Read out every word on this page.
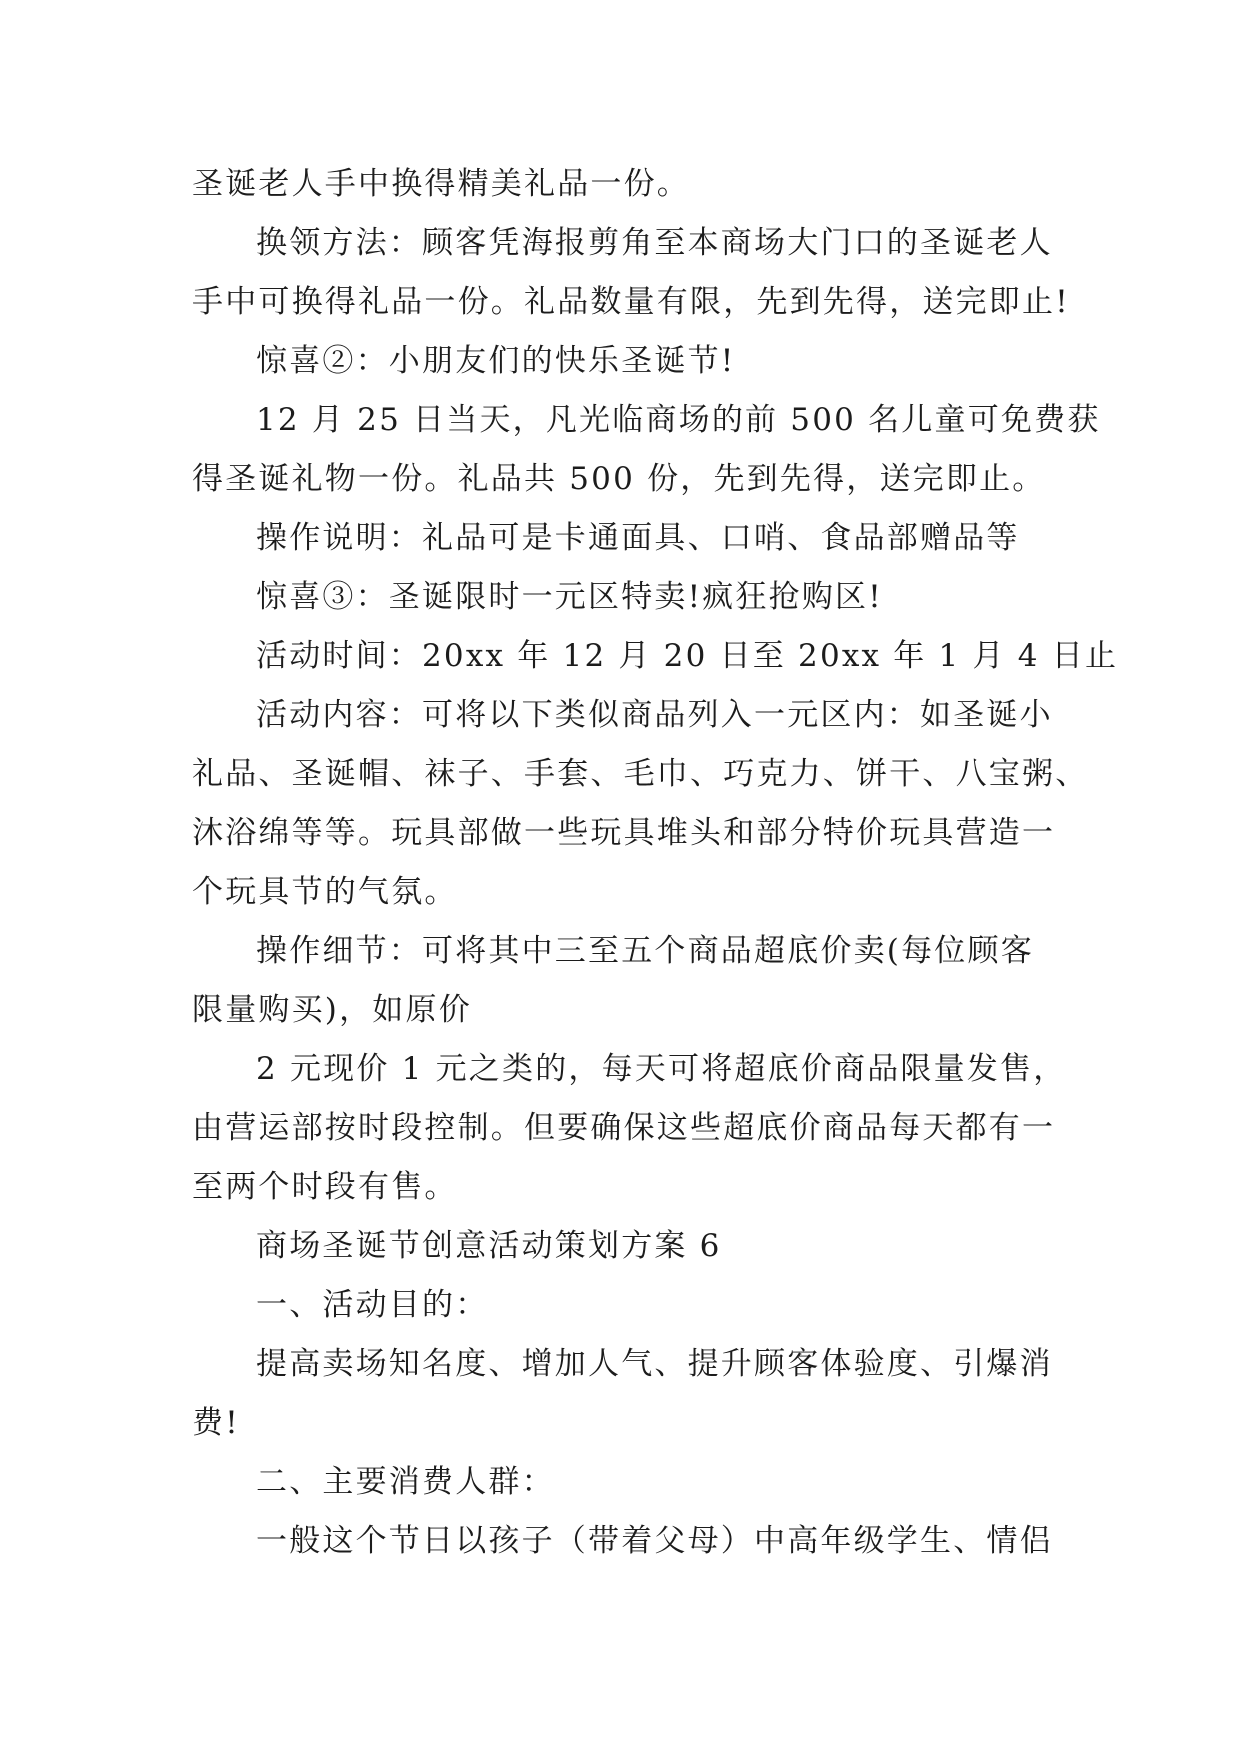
圣诞老人手中换得精美礼品一份。
换领方法：顾客凭海报剪角至本商场大门口的圣诞老人
手中可换得礼品一份。礼品数量有限，先到先得，送完即止!
惊喜②：小朋友们的快乐圣诞节!
12 月 25 日当天，凡光临商场的前 500 名儿童可免费获
得圣诞礼物一份。礼品共 500 份，先到先得，送完即止。
操作说明：礼品可是卡通面具、口哨、食品部赠品等
惊喜③：圣诞限时一元区特卖!疯狂抢购区!
活动时间：20xx 年 12 月 20 日至 20xx 年 1 月 4 日止
活动内容：可将以下类似商品列入一元区内：如圣诞小
礼品、圣诞帽、袜子、手套、毛巾、巧克力、饼干、八宝粥、
沐浴绵等等。玩具部做一些玩具堆头和部分特价玩具营造一
个玩具节的气氛。
操作细节：可将其中三至五个商品超底价卖(每位顾客
限量购买)，如原价
2 元现价 1 元之类的，每天可将超底价商品限量发售，
由营运部按时段控制。但要确保这些超底价商品每天都有一
至两个时段有售。
商场圣诞节创意活动策划方案 6
一、活动目的：
提高卖场知名度、增加人气、提升顾客体验度、引爆消
费!
二、主要消费人群：
一般这个节日以孩子（带着父母）中高年级学生、情侣
